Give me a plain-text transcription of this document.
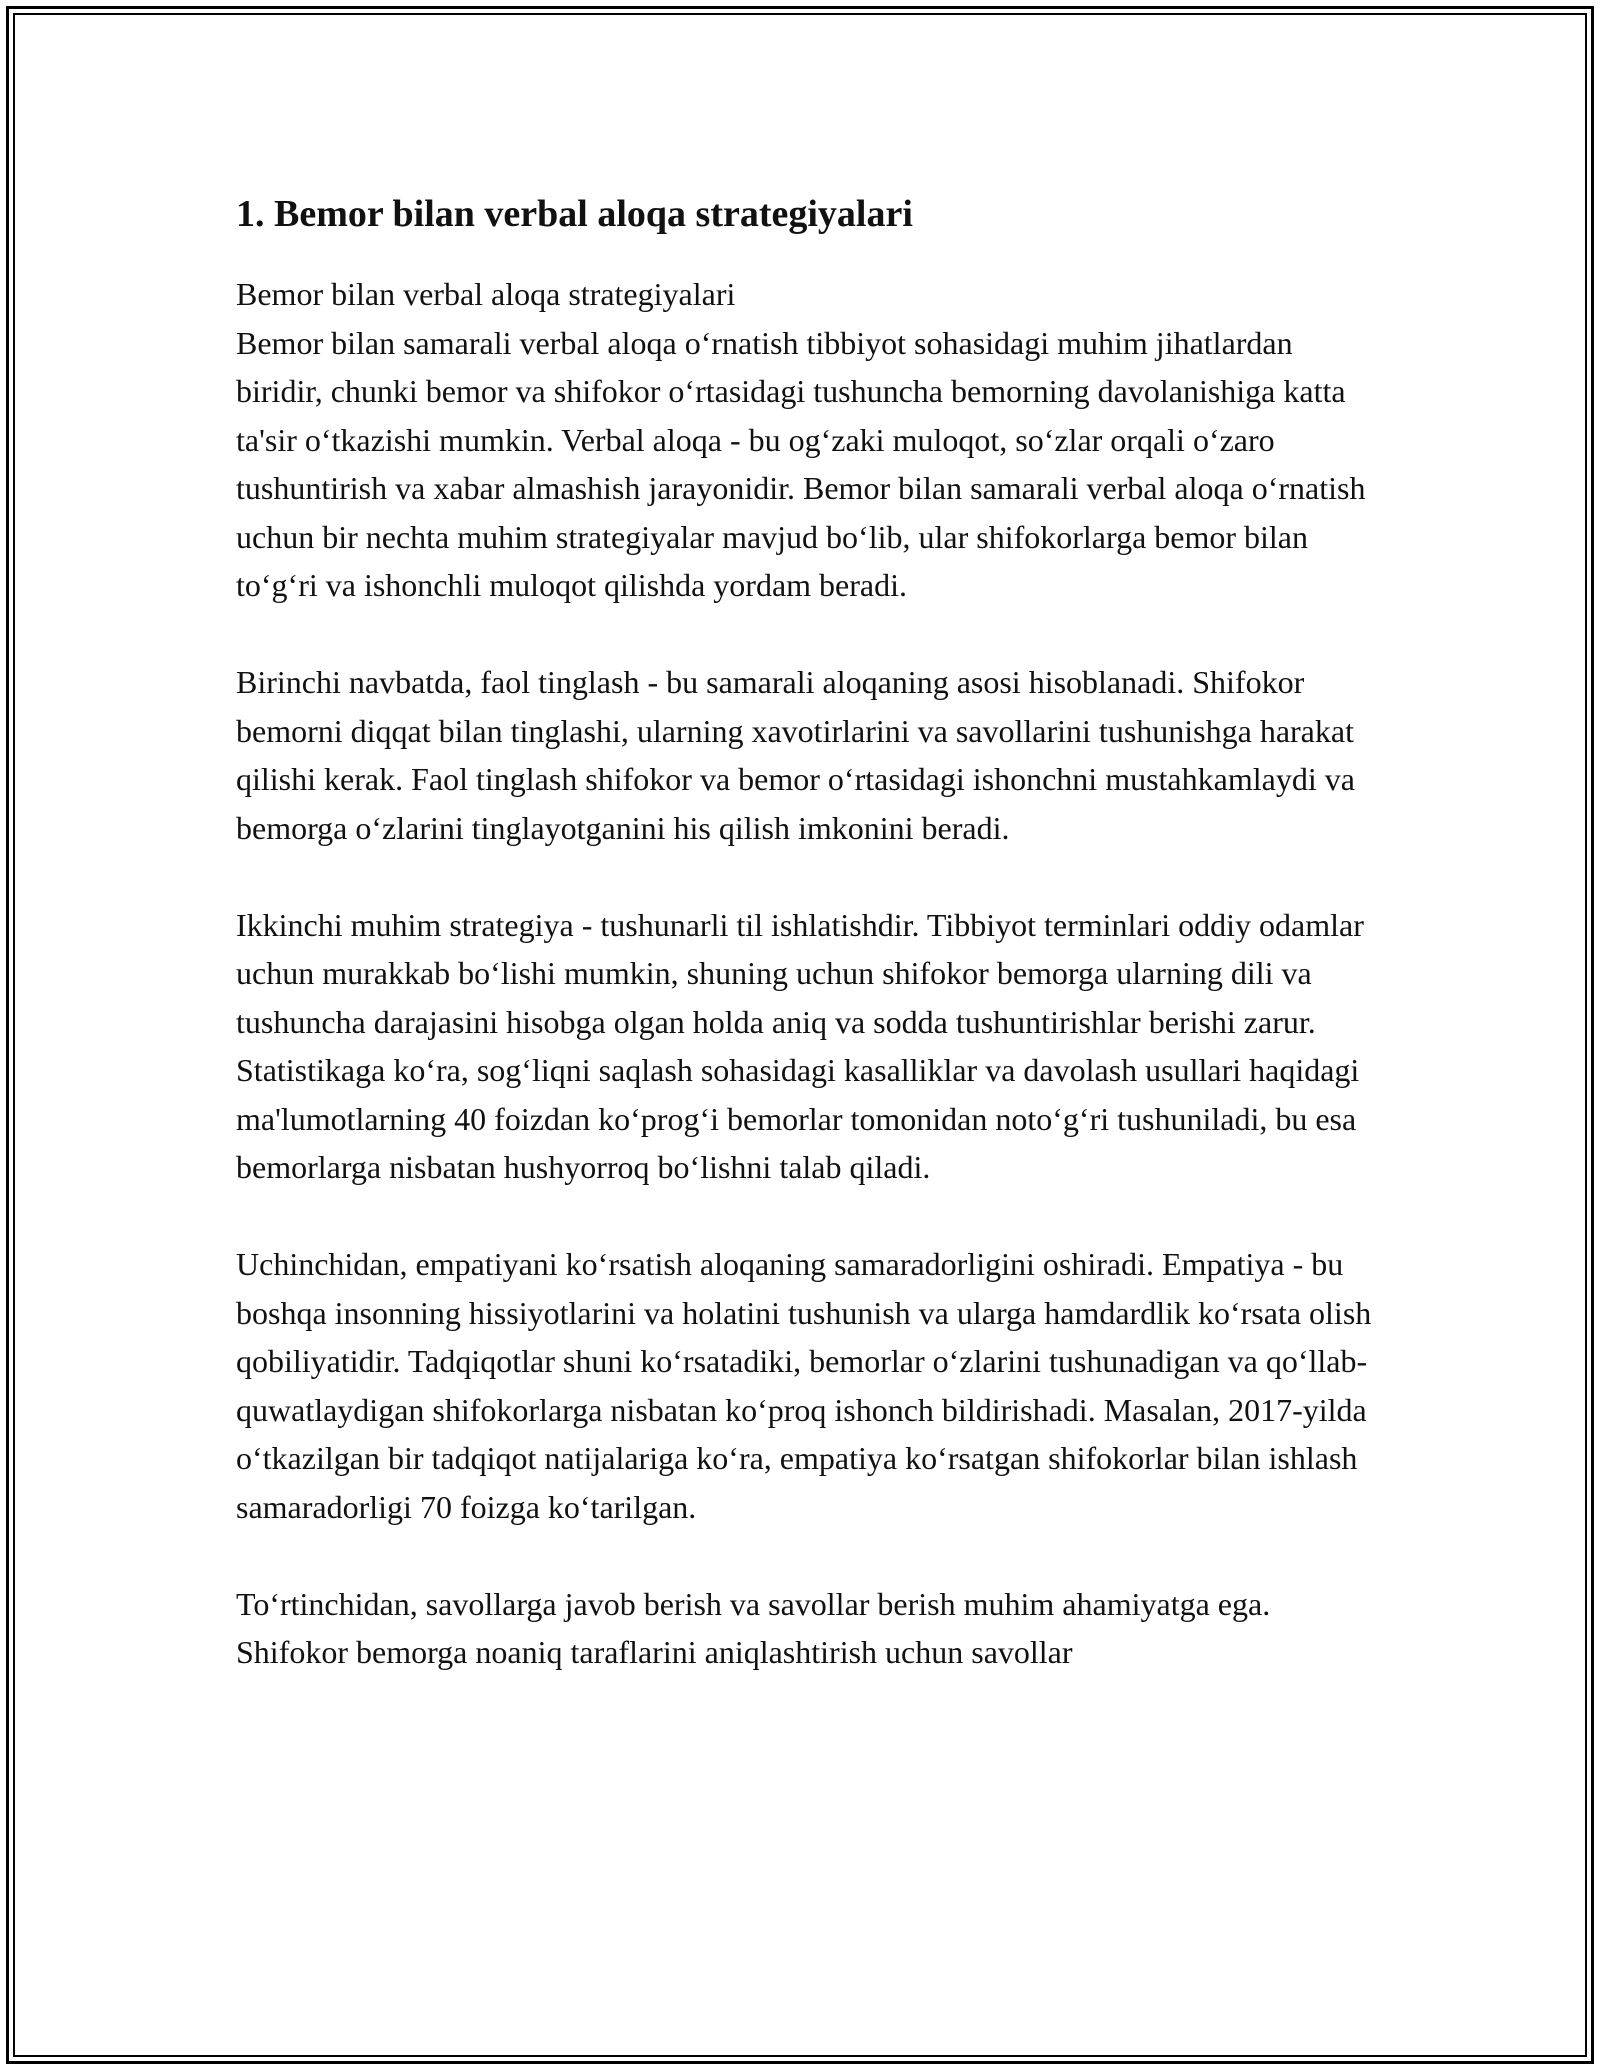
1. Bemor bilan verbal aloqa strategiyalari

Bemor bilan verbal aloqa strategiyalari

Bemor bilan samarali verbal aloqa oʻrnatish tibbiyot sohasidagi muhim jihatlardan biridir, chunki bemor va shifokor oʻrtasidagi tushuncha bemorning davolanishiga katta ta'sir oʻtkazishi mumkin. Verbal aloqa - bu ogʻzaki muloqot, soʻzlar orqali oʻzaro tushuntirish va xabar almashish jarayonidir. Bemor bilan samarali verbal aloqa oʻrnatish uchun bir nechta muhim strategiyalar mavjud boʻlib, ular shifokorlarga bemor bilan toʻgʻri va ishonchli muloqot qilishda yordam beradi.

Birinchi navbatda, faol tinglash - bu samarali aloqaning asosi hisoblanadi. Shifokor bemorni diqqat bilan tinglashi, ularning xavotirlarini va savollarini tushunishga harakat qilishi kerak. Faol tinglash shifokor va bemor oʻrtasidagi ishonchni mustahkamlaydi va bemorga oʻzlarini tinglayotganini his qilish imkonini beradi.

Ikkinchi muhim strategiya - tushunarli til ishlatishdir. Tibbiyot terminlari oddiy odamlar uchun murakkab boʻlishi mumkin, shuning uchun shifokor bemorga ularning dili va tushuncha darajasini hisobga olgan holda aniq va sodda tushuntirishlar berishi zarur. Statistikaga koʻra, sogʻliqni saqlash sohasidagi kasalliklar va davolash usullari haqidagi ma'lumotlarning 40 foizdan koʻprogʻi bemorlar tomonidan notoʻgʻri tushuniladi, bu esa bemorlarga nisbatan hushyorroq boʻlishni talab qiladi.

Uchinchidan, empatiyani koʻrsatish aloqaning samaradorligini oshiradi. Empatiya - bu boshqa insonning hissiyotlarini va holatini tushunish va ularga hamdardlik koʻrsata olish qobiliyatidir. Tadqiqotlar shuni koʻrsatadiki, bemorlar oʻzlarini tushunadigan va qoʻllab-quwatlaydigan shifokorlarga nisbatan koʻproq ishonch bildirishadi. Masalan, 2017-yilda oʻtkazilgan bir tadqiqot natijalariga koʻra, empatiya koʻrsatgan shifokorlar bilan ishlash samaradorligi 70 foizga koʻtarilgan.

Toʻrtinchidan, savollarga javob berish va savollar berish muhim ahamiyatga ega. Shifokor bemorga noaniq taraflarini aniqlashtirish uchun savollar
